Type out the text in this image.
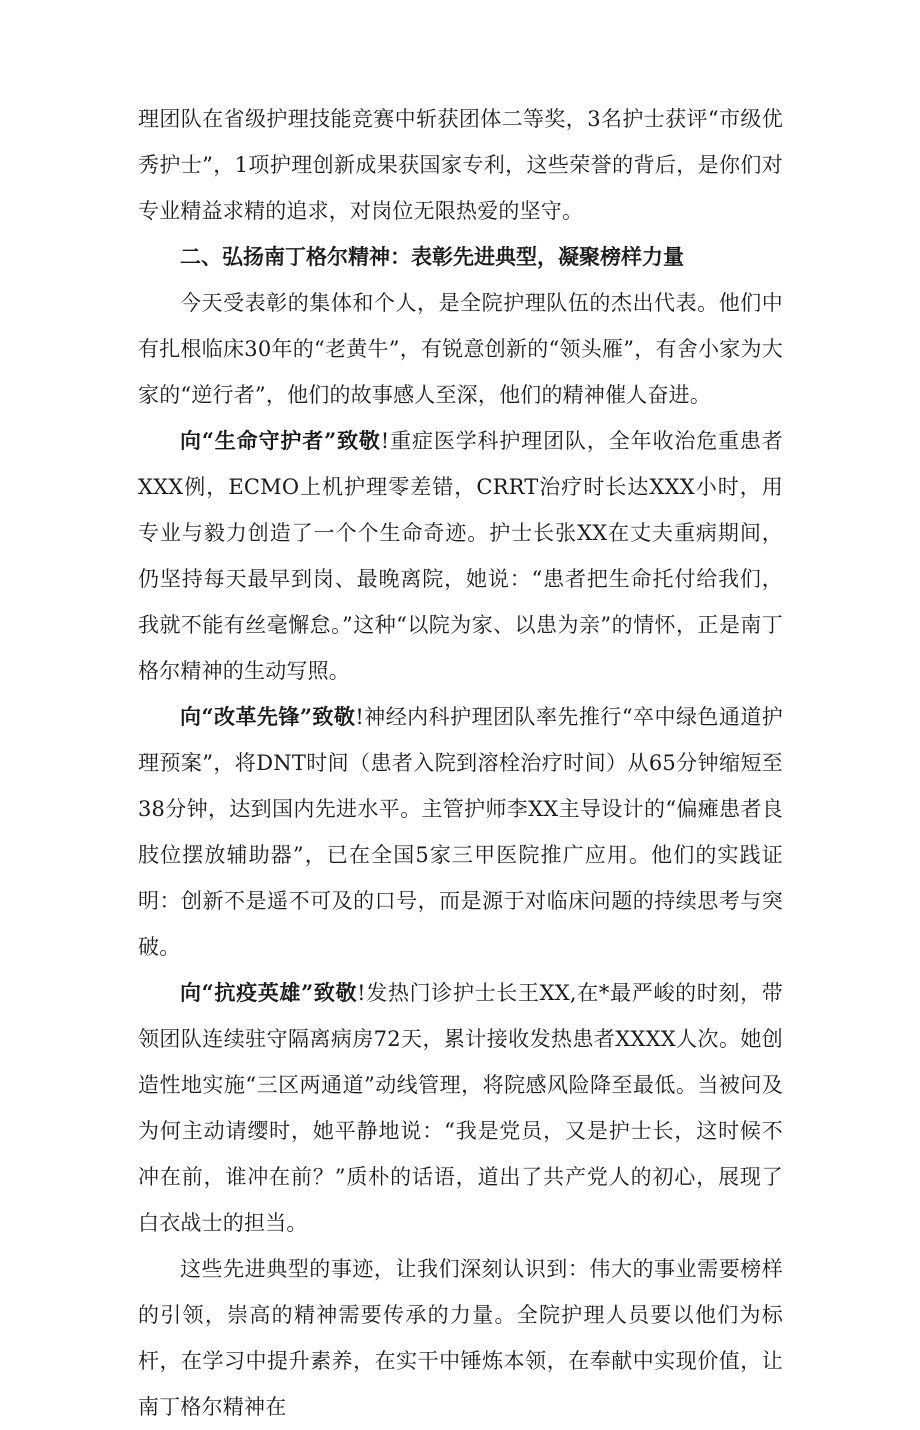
理团队在省级护理技能竞赛中斩获团体二等奖，3名护士获评“市级优秀护士”，1项护理创新成果获国家专利，这些荣誉的背后，是你们对专业精益求精的追求，对岗位无限热爱的坚守。

二、弘扬南丁格尔精神：表彰先进典型，凝聚榜样力量

今天受表彰的集体和个人，是全院护理队伍的杰出代表。他们中有扎根临床30年的“老黄牛”，有锐意创新的“领头雁”，有舍小家为大家的“逆行者”，他们的故事感人至深，他们的精神催人奋进。

向“生命守护者”致敬!重症医学科护理团队，全年收治危重患者XXX例，ECMO上机护理零差错，CRRT治疗时长达XXX小时，用专业与毅力创造了一个个生命奇迹。护士长张XX在丈夫重病期间，仍坚持每天最早到岗、最晚离院，她说：“患者把生命托付给我们，我就不能有丝毫懈怠。”这种“以院为家、以患为亲”的情怀，正是南丁格尔精神的生动写照。

向“改革先锋”致敬!神经内科护理团队率先推行“卒中绿色通道护理预案”，将DNT时间（患者入院到溶栓治疗时间）从65分钟缩短至38分钟，达到国内先进水平。主管护师李XX主导设计的“偏瘫患者良肢位摆放辅助器”，已在全国5家三甲医院推广应用。他们的实践证明：创新不是遥不可及的口号，而是源于对临床问题的持续思考与突破。

向“抗疫英雄”致敬!发热门诊护士长王XX,在*最严峻的时刻，带领团队连续驻守隔离病房72天，累计接收发热患者XXXX人次。她创造性地实施“三区两通道”动线管理，将院感风险降至最低。当被问及为何主动请缨时，她平静地说：“我是党员，又是护士长，这时候不冲在前，谁冲在前？”质朴的话语，道出了共产党人的初心，展现了白衣战士的担当。

这些先进典型的事迹，让我们深刻认识到：伟大的事业需要榜样的引领，崇高的精神需要传承的力量。全院护理人员要以他们为标杆，在学习中提升素养，在实干中锤炼本领，在奉献中实现价值，让南丁格尔精神在
